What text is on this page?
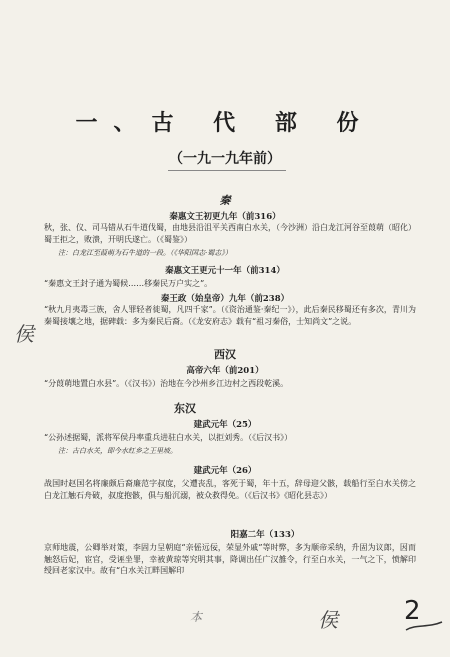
一、古 代 部 份
（一九一九年前）
秦
秦惠文王初更九年（前316）
秋，张、仪、司马错从石牛道伐蜀，由地县沿沮平关西南白水关，（今沙洲）沿白龙江河谷至葭萌（昭化）蜀王拒之，败溃，开明氏遂亡。（《蜀鉴》）
注：白龙江至葭萌为石牛道的一段。（《华阳国志·蜀志》）
秦惠文王更元十一年（前314）
“秦惠文王封子通为蜀候……移秦民万户实之”。
秦王政（始皇帝）九年（前238）
“秋九月夷毒三族，舍人罪轻者徙蜀，凡四千家”。（《资治通鉴·秦纪一》），此后秦民移蜀还有多次，青川为秦蜀接壤之地，据碑载：多为秦民后裔。（《龙安府志》载有“祖习秦俗，士知尚文”之说。
西汉
高帝六年（前201）
“分葭萌地置白水县”。（《汉书》）治地在今沙州乡江边村之西段乾溪。
东汉
建武元年（25）
“公孙述据蜀，派将军侯丹率重兵进驻白水关，以拒刘秀。（《后汉书》）
注：古白水关，即今水红乡之王里坡。
建武元年（26）
战国时赵国名将廉颇后裔廉范字叔度，父遭丧乱，客死于蜀，年十五，辞母迎父骸，载船行至白水关傍之白龙江触石舟破，叔度抱骸，俱与船沉溺，被众救得免。（《后汉书》《昭化县志》）
阳嘉二年（133）
京师地震，公卿举对策，李固力呈朝庭“亲傜远佞，荣显外戚”等时弊，多为顺帝采纳，升固为议郎，因而触怒后妃，宦官，受诬坐罪，幸被黄琼等究明其事，降调出任广汉雒令，行至白水关，一气之下，愤解印绶回老家汉中。故有“白水关江畔国解印
侯
侯
本	2
